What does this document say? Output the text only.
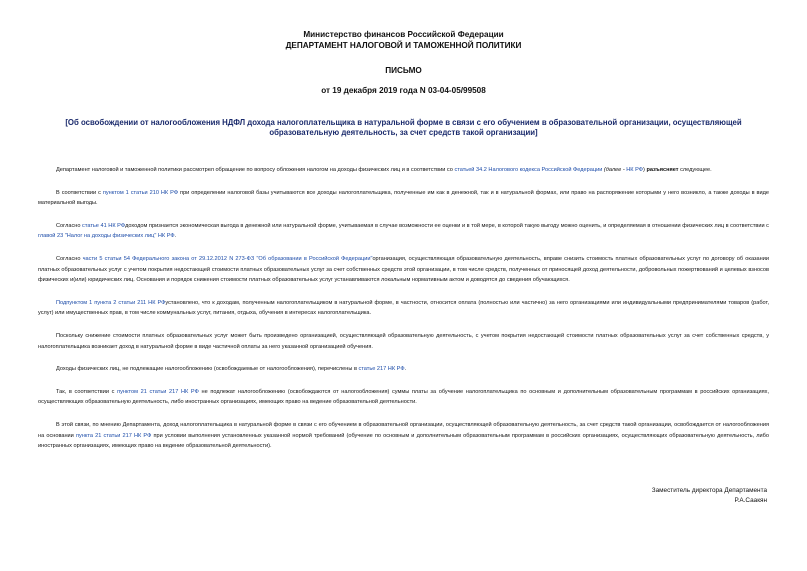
Министерство финансов Российской Федерации
ДЕПАРТАМЕНТ НАЛОГОВОЙ И ТАМОЖЕННОЙ ПОЛИТИКИ
ПИСЬМО
от 19 декабря 2019 года N 03-04-05/99508
[Об освобождении от налогообложения НДФЛ дохода налогоплательщика в натуральной форме в связи с его обучением в образовательной организации, осуществляющей образовательную деятельность, за счет средств такой организации]

Департамент налоговой и таможенной политики рассмотрел обращение по вопросу обложения налогом на доходы физических лиц и в соответствии со статьей 34.2 Налогового кодекса Российской Федерации (далее - НК РФ) разъясняет следующее.

В соответствии с пунктом 1 статьи 210 НК РФ при определении налоговой базы учитываются все доходы налогоплательщика, полученные им как в денежной, так и в натуральной формах, или право на распоряжение которыми у него возникло, а также доходы в виде материальной выгоды.

Согласно статье 41 НК РФдоходом признается экономическая выгода в денежной или натуральной форме, учитываемая в случае возможности ее оценки и в той мере, в которой такую выгоду можно оценить, и определяемая в отношении физических лиц в соответствии с главой 23 "Налог на доходы физических лиц" НК РФ.

Согласно части 5 статьи 54 Федерального закона от 29.12.2012 N 273-ФЗ "Об образовании в Российской Федерации"организация, осуществляющая образовательную деятельность, вправе снизить стоимость платных образовательных услуг по договору об оказании платных образовательных услуг с учетом покрытия недостающей стоимости платных образовательных услуг за счет собственных средств этой организации, в том числе средств, полученных от приносящей доход деятельности, добровольных пожертвований и целевых взносов физических и(или) юридических лиц. Основания и порядок снижения стоимости платных образовательных услуг устанавливаются локальным нормативным актом и доводятся до сведения обучающихся.

Подпунктом 1 пункта 2 статьи 211 НК РФустановлено, что к доходам, полученным налогоплательщиком в натуральной форме, в частности, относится оплата (полностью или частично) за него организациями или индивидуальными предпринимателями товаров (работ, услуг) или имущественных прав, в том числе коммунальных услуг, питания, отдыха, обучения в интересах налогоплательщика.

Поскольку снижение стоимости платных образовательных услуг может быть произведено организацией, осуществляющей образовательную деятельность, с учетом покрытия недостающей стоимости платных образовательных услуг за счет собственных средств, у налогоплательщика возникает доход в натуральной форме в виде частичной оплаты за него указанной организацией обучения.

Доходы физических лиц, не подлежащие налогообложению (освобождаемые от налогообложения), перечислены в статье 217 НК РФ.

Так, в соответствии с пунктом 21 статьи 217 НК РФ не подлежат налогообложению (освобождаются от налогообложения) суммы платы за обучение налогоплательщика по основным и дополнительным образовательным программам в российских организациях, осуществляющих образовательную деятельность, либо иностранных организациях, имеющих право на ведение образовательной деятельности.

В этой связи, по мнению Департамента, доход налогоплательщика в натуральной форме в связи с его обучением в образовательной организации, осуществляющей образовательную деятельность, за счет средств такой организации, освобождается от налогообложения на основании пункта 21 статьи 217 НК РФ при условии выполнения установленных указанной нормой требований (обучение по основным и дополнительным образовательным программам в российских организациях, осуществляющих образовательную деятельность, либо иностранных организациях, имеющих право на ведение образовательной деятельности).

Заместитель директора Департамента
Р.А.Саакян
